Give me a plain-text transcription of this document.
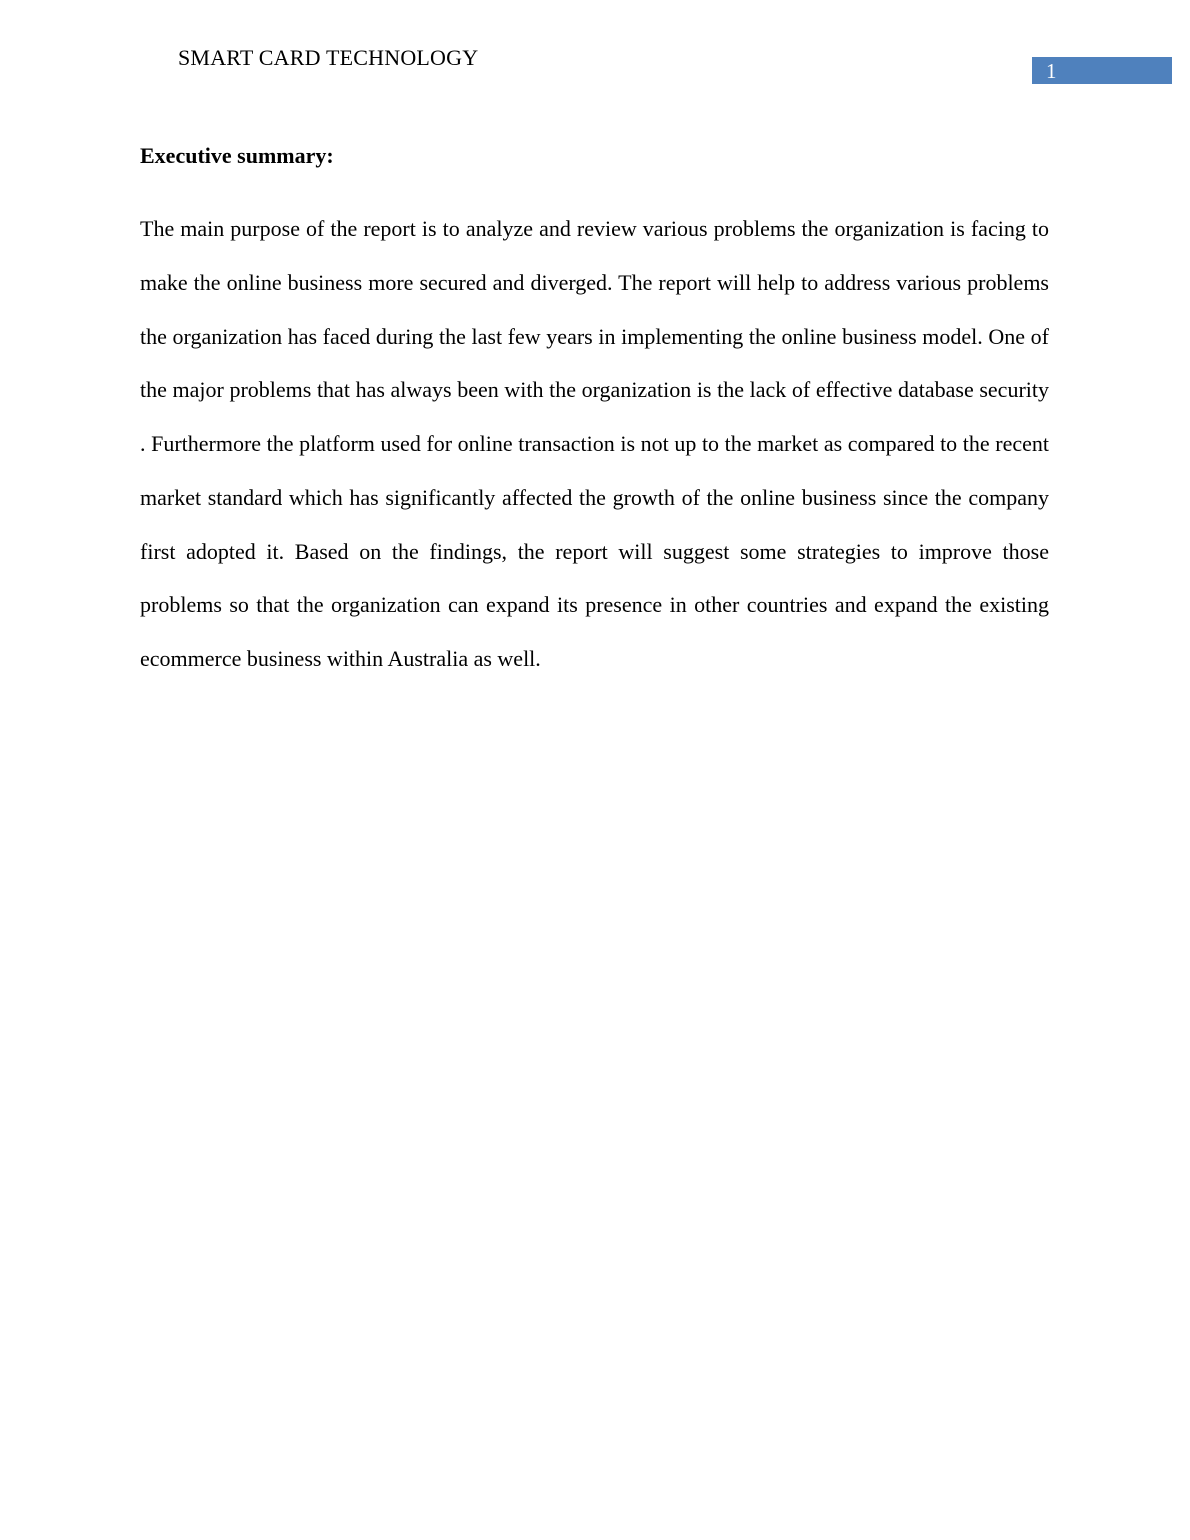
SMART CARD TECHNOLOGY
1
Executive summary:

The main purpose of the report is to analyze and review various problems the organization is facing to make the online business more secured and diverged. The report will help to address various problems the organization has faced during the last few years in implementing the online business model. One of the major problems that has always been with the organization is the lack of effective database security . Furthermore the platform used for online transaction is not up to the market as compared to the recent market standard which has significantly affected the growth of the online business since the company first adopted it. Based on the findings, the report will suggest some strategies to improve those problems so that the organization can expand its presence in other countries and expand the existing ecommerce business within Australia as well.
